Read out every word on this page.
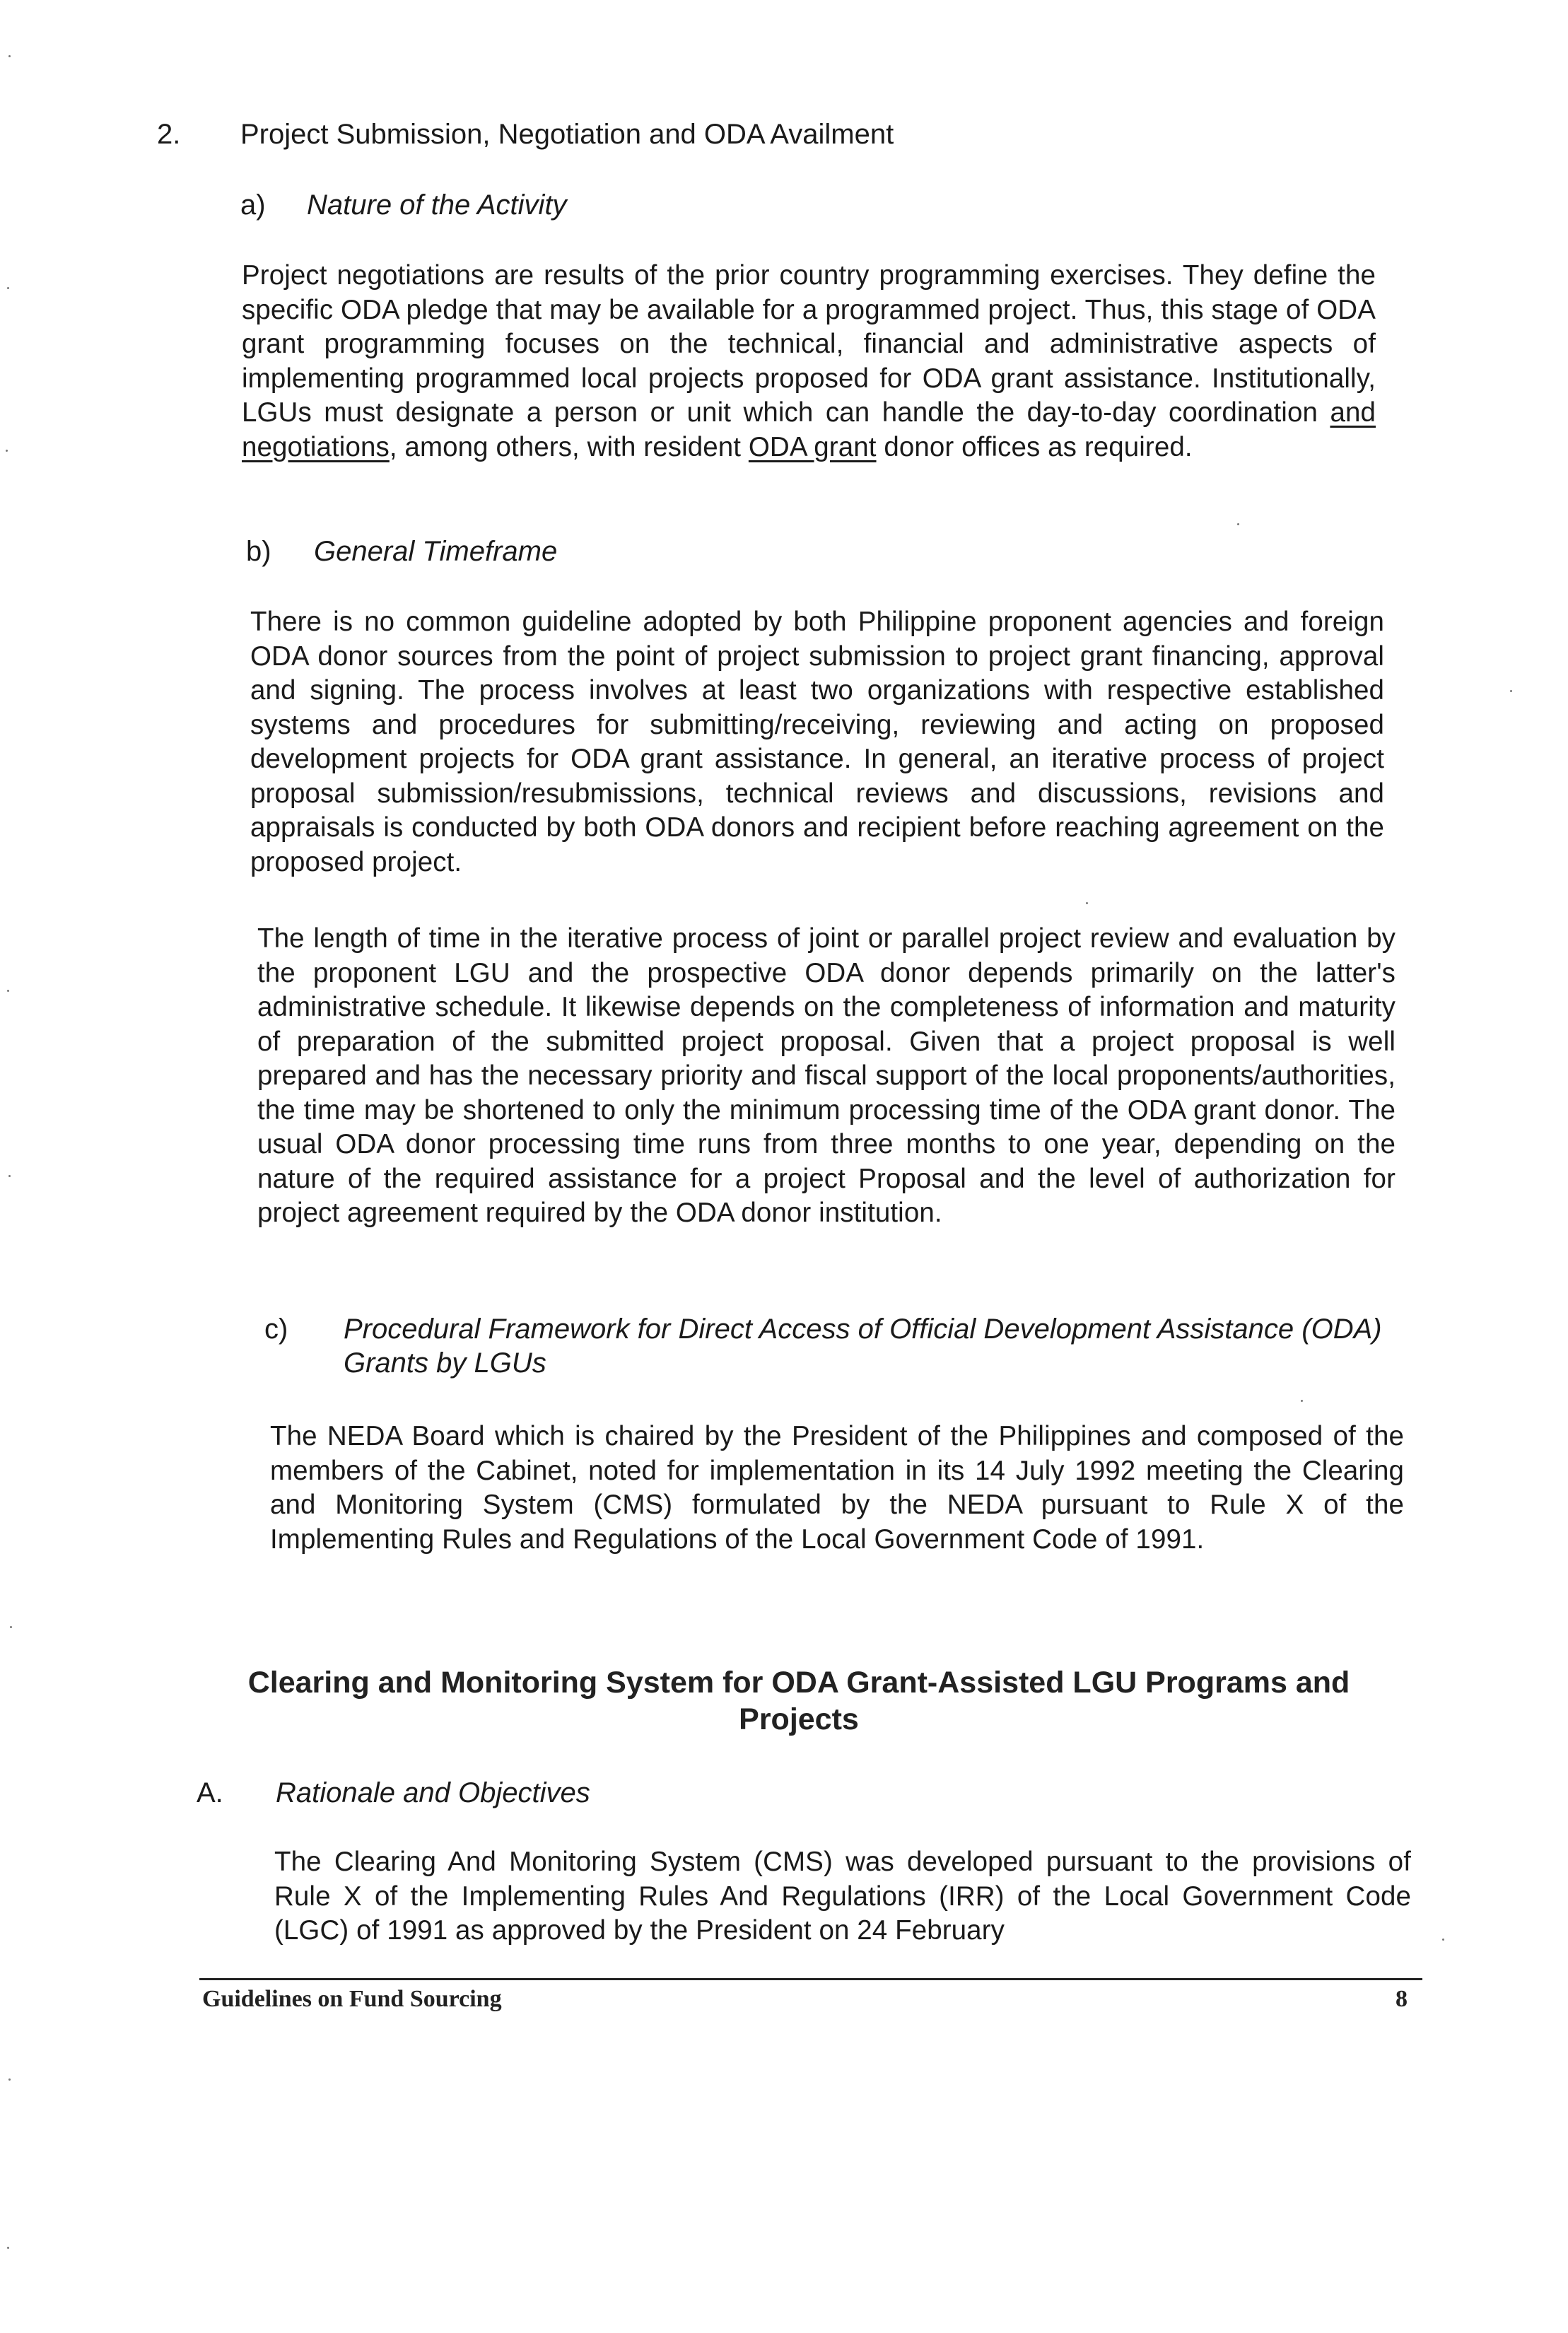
2. Project Submission, Negotiation and ODA Availment
a) Nature of the Activity
Project negotiations are results of the prior country programming exercises. They define the specific ODA pledge that may be available for a programmed project. Thus, this stage of ODA grant programming focuses on the technical, financial and administrative aspects of implementing programmed local projects proposed for ODA grant assistance. Institutionally, LGUs must designate a person or unit which can handle the day-to-day coordination and negotiations, among others, with resident ODA grant donor offices as required.
b) General Timeframe
There is no common guideline adopted by both Philippine proponent agencies and foreign ODA donor sources from the point of project submission to project grant financing, approval and signing. The process involves at least two organizations with respective established systems and procedures for submitting/receiving, reviewing and acting on proposed development projects for ODA grant assistance. In general, an iterative process of project proposal submission/resubmissions, technical reviews and discussions, revisions and appraisals is conducted by both ODA donors and recipient before reaching agreement on the proposed project.
The length of time in the iterative process of joint or parallel project review and evaluation by the proponent LGU and the prospective ODA donor depends primarily on the latter's administrative schedule. It likewise depends on the completeness of information and maturity of preparation of the submitted project proposal. Given that a project proposal is well prepared and has the necessary priority and fiscal support of the local proponents/authorities, the time may be shortened to only the minimum processing time of the ODA grant donor. The usual ODA donor processing time runs from three months to one year, depending on the nature of the required assistance for a project Proposal and the level of authorization for project agreement required by the ODA donor institution.
c) Procedural Framework for Direct Access of Official Development Assistance (ODA) Grants by LGUs
The NEDA Board which is chaired by the President of the Philippines and composed of the members of the Cabinet, noted for implementation in its 14 July 1992 meeting the Clearing and Monitoring System (CMS) formulated by the NEDA pursuant to Rule X of the Implementing Rules and Regulations of the Local Government Code of 1991.
Clearing and Monitoring System for ODA Grant-Assisted LGU Programs and Projects
A. Rationale and Objectives
The Clearing And Monitoring System (CMS) was developed pursuant to the provisions of Rule X of the Implementing Rules And Regulations (IRR) of the Local Government Code (LGC) of 1991 as approved by the President on 24 February
Guidelines on Fund Sourcing	8
